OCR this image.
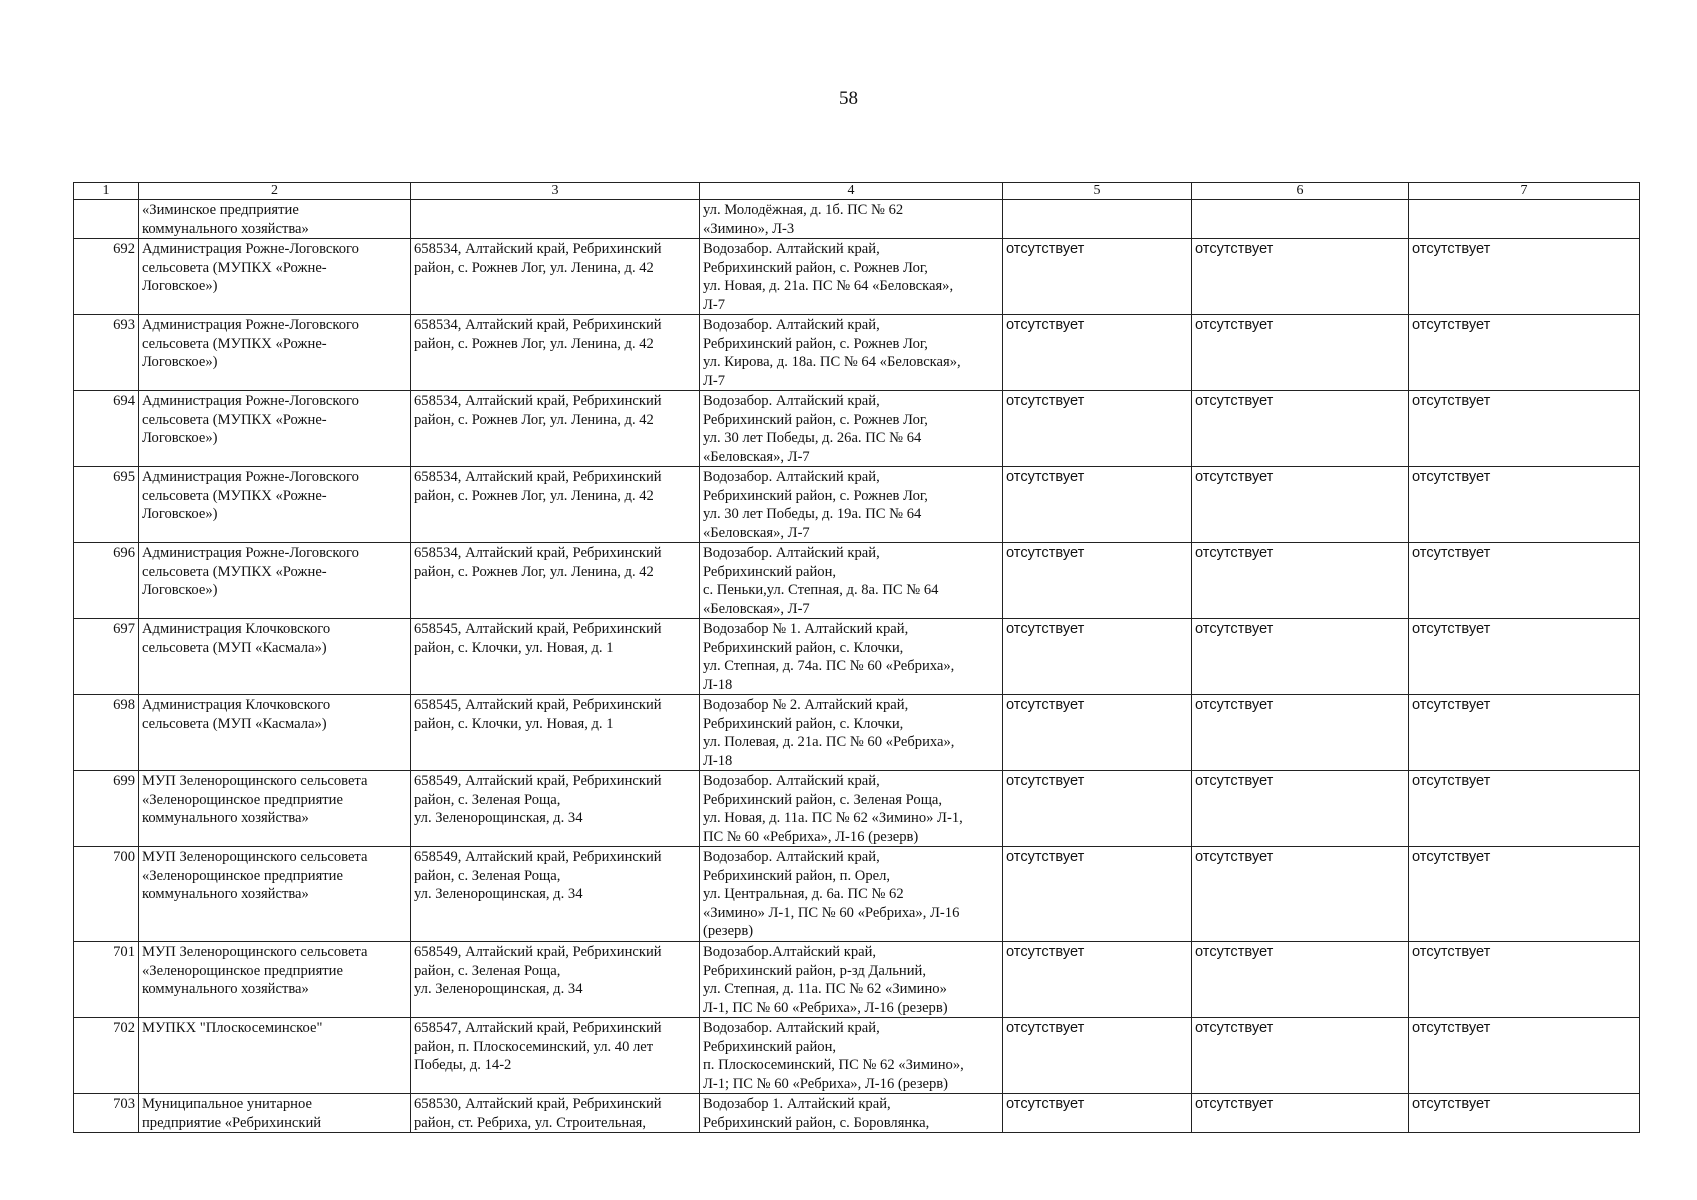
58
1	2	3	4	5	6	7
	«Зиминское предприятие
коммунального хозяйства»		ул. Молодёжная, д. 1б. ПС № 62
«Зимино», Л-3			
692	Администрация Рожне-Логовского
сельсовета (МУПКХ «Рожне-
Логовское»)	658534, Алтайский край, Ребрихинский
район, с. Рожнев Лог, ул. Ленина, д. 42	Водозабор. Алтайский край,
Ребрихинский район, с. Рожнев Лог,
ул. Новая, д. 21а. ПС № 64 «Беловская»,
Л-7	отсутствует	отсутствует	отсутствует
693	Администрация Рожне-Логовского
сельсовета (МУПКХ «Рожне-
Логовское»)	658534, Алтайский край, Ребрихинский
район, с. Рожнев Лог, ул. Ленина, д. 42	Водозабор. Алтайский край,
Ребрихинский район, с. Рожнев Лог,
ул. Кирова, д. 18а. ПС № 64 «Беловская»,
Л-7	отсутствует	отсутствует	отсутствует
694	Администрация Рожне-Логовского
сельсовета (МУПКХ «Рожне-
Логовское»)	658534, Алтайский край, Ребрихинский
район, с. Рожнев Лог, ул. Ленина, д. 42	Водозабор. Алтайский край,
Ребрихинский район, с. Рожнев Лог,
ул. 30 лет Победы, д. 26а. ПС № 64
«Беловская», Л-7	отсутствует	отсутствует	отсутствует
695	Администрация Рожне-Логовского
сельсовета (МУПКХ «Рожне-
Логовское»)	658534, Алтайский край, Ребрихинский
район, с. Рожнев Лог, ул. Ленина, д. 42	Водозабор. Алтайский край,
Ребрихинский район, с. Рожнев Лог,
ул. 30 лет Победы, д. 19а. ПС № 64
«Беловская», Л-7	отсутствует	отсутствует	отсутствует
696	Администрация Рожне-Логовского
сельсовета (МУПКХ «Рожне-
Логовское»)	658534, Алтайский край, Ребрихинский
район, с. Рожнев Лог, ул. Ленина, д. 42	Водозабор. Алтайский край,
Ребрихинский район,
с. Пеньки,ул. Степная, д. 8а. ПС № 64
«Беловская», Л-7	отсутствует	отсутствует	отсутствует
697	Администрация Клочковского
сельсовета (МУП «Касмала»)	658545, Алтайский край, Ребрихинский
район, с. Клочки, ул. Новая, д. 1	Водозабор № 1. Алтайский край,
Ребрихинский район, с. Клочки,
ул. Степная, д. 74а. ПС № 60 «Ребриха»,
Л-18	отсутствует	отсутствует	отсутствует
698	Администрация Клочковского
сельсовета (МУП «Касмала»)	658545, Алтайский край, Ребрихинский
район, с. Клочки, ул. Новая, д. 1	Водозабор № 2. Алтайский край,
Ребрихинский район, с. Клочки,
ул. Полевая, д. 21а. ПС № 60 «Ребриха»,
Л-18	отсутствует	отсутствует	отсутствует
699	МУП Зеленорощинского сельсовета
«Зеленорощинское предприятие
коммунального хозяйства»	658549, Алтайский край, Ребрихинский
район, с. Зеленая Роща,
ул. Зеленорощинская, д. 34	Водозабор. Алтайский край,
Ребрихинский район, с. Зеленая Роща,
ул. Новая, д. 11а. ПС № 62 «Зимино» Л-1,
ПС № 60 «Ребриха», Л-16 (резерв)	отсутствует	отсутствует	отсутствует
700	МУП Зеленорощинского сельсовета
«Зеленорощинское предприятие
коммунального хозяйства»	658549, Алтайский край, Ребрихинский
район, с. Зеленая Роща,
ул. Зеленорощинская, д. 34	Водозабор. Алтайский край,
Ребрихинский район, п. Орел,
ул. Центральная, д. 6а. ПС № 62
«Зимино» Л-1, ПС № 60 «Ребриха», Л-16
(резерв)	отсутствует	отсутствует	отсутствует
701	МУП Зеленорощинского сельсовета
«Зеленорощинское предприятие
коммунального хозяйства»	658549, Алтайский край, Ребрихинский
район, с. Зеленая Роща,
ул. Зеленорощинская, д. 34	Водозабор.Алтайский край,
Ребрихинский район, р-зд Дальний,
ул. Степная, д. 11а. ПС № 62 «Зимино»
Л-1, ПС № 60 «Ребриха», Л-16 (резерв)	отсутствует	отсутствует	отсутствует
702	МУПКХ "Плоскосеминское"	658547, Алтайский край, Ребрихинский
район, п. Плоскосеминский, ул. 40 лет
Победы, д. 14-2	Водозабор. Алтайский край,
Ребрихинский район,
п. Плоскосеминский, ПС № 62 «Зимино»,
Л-1; ПС № 60 «Ребриха», Л-16 (резерв)	отсутствует	отсутствует	отсутствует
703	Муниципальное унитарное
предприятие «Ребрихинский	658530, Алтайский край, Ребрихинский
район, ст. Ребриха, ул. Строительная,	Водозабор 1. Алтайский край,
Ребрихинский район, с. Боровлянка,	отсутствует	отсутствует	отсутствует
